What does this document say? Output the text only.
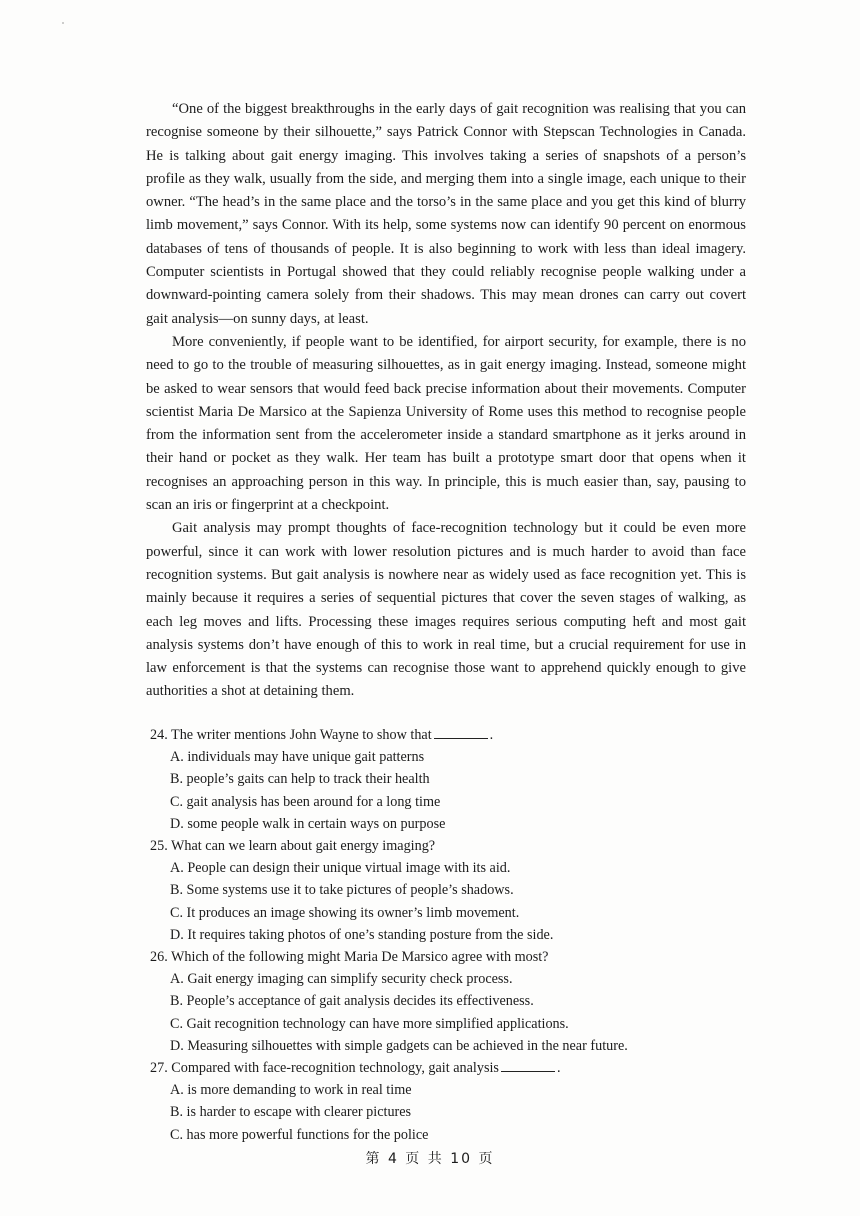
“One of the biggest breakthroughs in the early days of gait recognition was realising that you can recognise someone by their silhouette,” says Patrick Connor with Stepscan Technologies in Canada. He is talking about gait energy imaging. This involves taking a series of snapshots of a person’s profile as they walk, usually from the side, and merging them into a single image, each unique to their owner. “The head’s in the same place and the torso’s in the same place and you get this kind of blurry limb movement,” says Connor. With its help, some systems now can identify 90 percent on enormous databases of tens of thousands of people. It is also beginning to work with less than ideal imagery. Computer scientists in Portugal showed that they could reliably recognise people walking under a downward-pointing camera solely from their shadows. This may mean drones can carry out covert gait analysis—on sunny days, at least.

More conveniently, if people want to be identified, for airport security, for example, there is no need to go to the trouble of measuring silhouettes, as in gait energy imaging. Instead, someone might be asked to wear sensors that would feed back precise information about their movements. Computer scientist Maria De Marsico at the Sapienza University of Rome uses this method to recognise people from the information sent from the accelerometer inside a standard smartphone as it jerks around in their hand or pocket as they walk. Her team has built a prototype smart door that opens when it recognises an approaching person in this way. In principle, this is much easier than, say, pausing to scan an iris or fingerprint at a checkpoint.

Gait analysis may prompt thoughts of face-recognition technology but it could be even more powerful, since it can work with lower resolution pictures and is much harder to avoid than face recognition systems. But gait analysis is nowhere near as widely used as face recognition yet. This is mainly because it requires a series of sequential pictures that cover the seven stages of walking, as each leg moves and lifts. Processing these images requires serious computing heft and most gait analysis systems don’t have enough of this to work in real time, but a crucial requirement for use in law enforcement is that the systems can recognise those want to apprehend quickly enough to give authorities a shot at detaining them.

24. The writer mentions John Wayne to show that	.

A. individuals may have unique gait patterns

B. people’s gaits can help to track their health

C. gait analysis has been around for a long time

D. some people walk in certain ways on purpose

25. What can we learn about gait energy imaging?

A. People can design their unique virtual image with its aid.

B. Some systems use it to take pictures of people’s shadows.

C. It produces an image showing its owner’s limb movement.

D. It requires taking photos of one’s standing posture from the side.

26. Which of the following might Maria De Marsico agree with most?

A. Gait energy imaging can simplify security check process.

B. People’s acceptance of gait analysis decides its effectiveness.

C. Gait recognition technology can have more simplified applications.

D. Measuring silhouettes with simple gadgets can be achieved in the near future.

27. Compared with face-recognition technology, gait analysis	.

A. is more demanding to work in real time

B. is harder to escape with clearer pictures

C. has more powerful functions for the police

第 4 页 共 10 页
